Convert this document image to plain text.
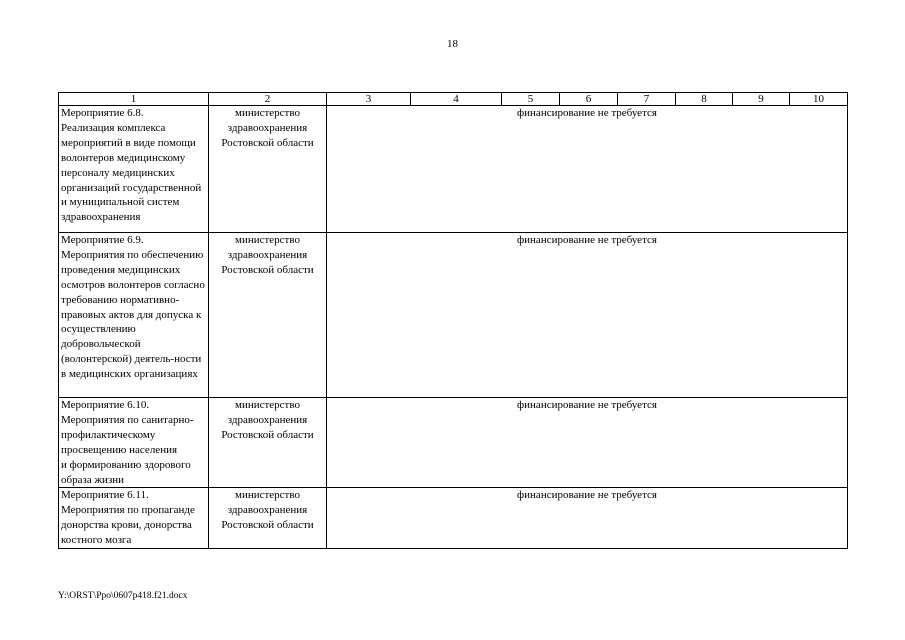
18
1	2	3	4	5	6	7	8	9	10
Мероприятие 6.8.
Реализация комплекса мероприятий в виде помощи волонтеров медицинскому персоналу медицинских организаций государственной
и муниципальной систем здравоохранения	министерство здравоохранения Ростовской области	финансирование не требуется							
Мероприятие 6.9.
Мероприятия по обеспечению проведения медицинских осмотров волонтеров согласно требованию нормативно-правовых актов для допуска к осуществлению добровольческой (волонтерской) деятель-ности в медицинских организациях	министерство здравоохранения Ростовской области	финансирование не требуется							
Мероприятие 6.10.
Мероприятия по санитарно-профилактическому просвещению населения
и формированию здорового образа жизни	министерство здравоохранения Ростовской области	финансирование не требуется							
Мероприятие 6.11.
Мероприятия по пропаганде донорства крови, донорства костного мозга	министерство здравоохранения Ростовской области	финансирование не требуется							
Y:\ORST\Ppo\0607p418.f21.docx
